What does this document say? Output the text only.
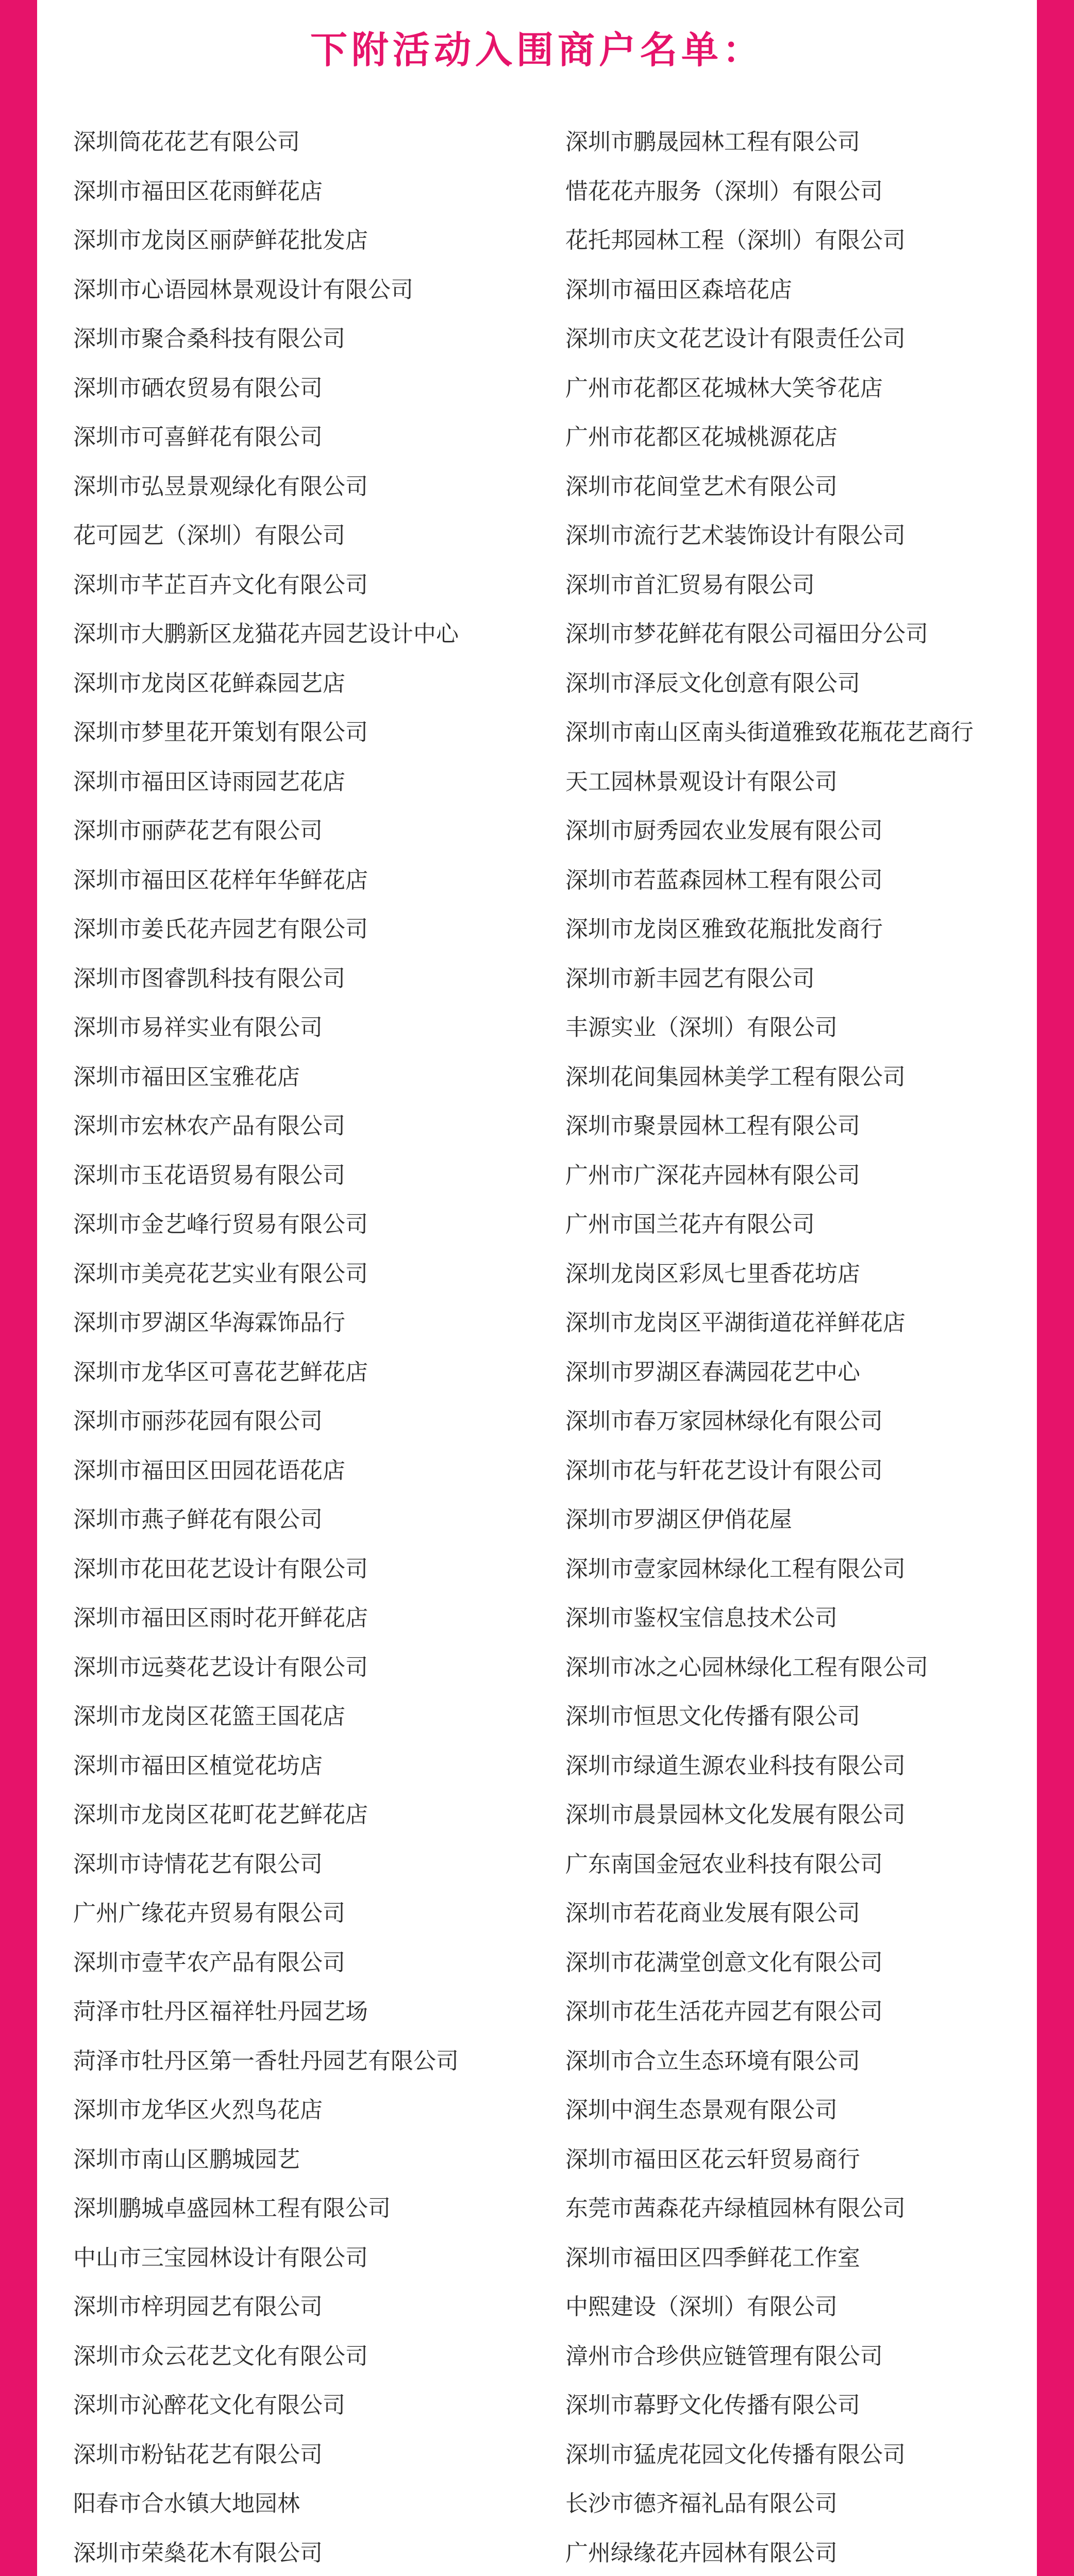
下附活动入围商户名单：
深圳筒花花艺有限公司	深圳市鹏晟园林工程有限公司
深圳市福田区花雨鲜花店	惜花花卉服务（深圳）有限公司
深圳市龙岗区丽萨鲜花批发店	花托邦园林工程（深圳）有限公司
深圳市心语园林景观设计有限公司	深圳市福田区森培花店
深圳市聚合桑科技有限公司	深圳市庆文花艺设计有限责任公司
深圳市硒农贸易有限公司	广州市花都区花城林大笑爷花店
深圳市可喜鲜花有限公司	广州市花都区花城桃源花店
深圳市弘昱景观绿化有限公司	深圳市花间堂艺术有限公司
花可园艺（深圳）有限公司	深圳市流行艺术装饰设计有限公司
深圳市芊芷百卉文化有限公司	深圳市首汇贸易有限公司
深圳市大鹏新区龙猫花卉园艺设计中心	深圳市梦花鲜花有限公司福田分公司
深圳市龙岗区花鲜森园艺店	深圳市泽辰文化创意有限公司
深圳市梦里花开策划有限公司	深圳市南山区南头街道雅致花瓶花艺商行
深圳市福田区诗雨园艺花店	天工园林景观设计有限公司
深圳市丽萨花艺有限公司	深圳市厨秀园农业发展有限公司
深圳市福田区花样年华鲜花店	深圳市若蓝森园林工程有限公司
深圳市姜氏花卉园艺有限公司	深圳市龙岗区雅致花瓶批发商行
深圳市图睿凯科技有限公司	深圳市新丰园艺有限公司
深圳市易祥实业有限公司	丰源实业（深圳）有限公司
深圳市福田区宝雅花店	深圳花间集园林美学工程有限公司
深圳市宏林农产品有限公司	深圳市聚景园林工程有限公司
深圳市玉花语贸易有限公司	广州市广深花卉园林有限公司
深圳市金艺峰行贸易有限公司	广州市国兰花卉有限公司
深圳市美亮花艺实业有限公司	深圳龙岗区彩凤七里香花坊店
深圳市罗湖区华海霖饰品行	深圳市龙岗区平湖街道花祥鲜花店
深圳市龙华区可喜花艺鲜花店	深圳市罗湖区春满园花艺中心
深圳市丽莎花园有限公司	深圳市春万家园林绿化有限公司
深圳市福田区田园花语花店	深圳市花与轩花艺设计有限公司
深圳市燕子鲜花有限公司	深圳市罗湖区伊俏花屋
深圳市花田花艺设计有限公司	深圳市壹家园林绿化工程有限公司
深圳市福田区雨时花开鲜花店	深圳市鉴权宝信息技术公司
深圳市远葵花艺设计有限公司	深圳市冰之心园林绿化工程有限公司
深圳市龙岗区花篮王国花店	深圳市恒思文化传播有限公司
深圳市福田区植觉花坊店	深圳市绿道生源农业科技有限公司
深圳市龙岗区花町花艺鲜花店	深圳市晨景园林文化发展有限公司
深圳市诗情花艺有限公司	广东南国金冠农业科技有限公司
广州广缘花卉贸易有限公司	深圳市若花商业发展有限公司
深圳市壹芊农产品有限公司	深圳市花满堂创意文化有限公司
菏泽市牡丹区福祥牡丹园艺场	深圳市花生活花卉园艺有限公司
菏泽市牡丹区第一香牡丹园艺有限公司	深圳市合立生态环境有限公司
深圳市龙华区火烈鸟花店	深圳中润生态景观有限公司
深圳市南山区鹏城园艺	深圳市福田区花云轩贸易商行
深圳鹏城卓盛园林工程有限公司	东莞市茜森花卉绿植园林有限公司
中山市三宝园林设计有限公司	深圳市福田区四季鲜花工作室
深圳市梓玥园艺有限公司	中熙建设（深圳）有限公司
深圳市众云花艺文化有限公司	漳州市合珍供应链管理有限公司
深圳市沁醉花文化有限公司	深圳市幕野文化传播有限公司
深圳市粉钻花艺有限公司	深圳市猛虎花园文化传播有限公司
阳春市合水镇大地园林	长沙市德齐福礼品有限公司
深圳市荣燊花木有限公司	广州绿缘花卉园林有限公司
